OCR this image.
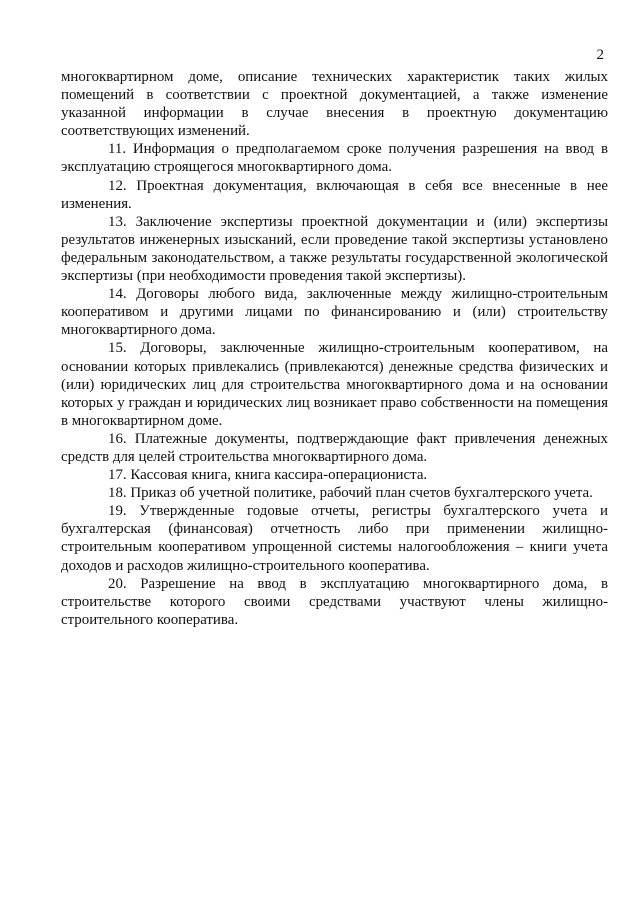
2

многоквартирном доме, описание технических характеристик таких жилых помещений в соответствии с проектной документацией, а также изменение указанной информации в случае внесения в проектную документацию соответствующих изменений.

11. Информация о предполагаемом сроке получения разрешения на ввод в эксплуатацию строящегося многоквартирного дома.

12. Проектная документация, включающая в себя все внесенные в нее изменения.

13. Заключение экспертизы проектной документации и (или) экспертизы результатов инженерных изысканий, если проведение такой экспертизы установлено федеральным законодательством, а также результаты государственной экологической экспертизы (при необходимости проведения такой экспертизы).

14. Договоры любого вида, заключенные между жилищно-строительным кооперативом и другими лицами по финансированию и (или) строительству многоквартирного дома.

15. Договоры, заключенные жилищно-строительным кооперативом, на основании которых привлекались (привлекаются) денежные средства физических и (или) юридических лиц для строительства многоквартирного дома и на основании которых у граждан и юридических лиц возникает право собственности на помещения в многоквартирном доме.

16. Платежные документы, подтверждающие факт привлечения денежных средств для целей строительства многоквартирного дома.

17. Кассовая книга, книга кассира-операциониста.

18. Приказ об учетной политике, рабочий план счетов бухгалтерского учета.

19. Утвержденные годовые отчеты, регистры бухгалтерского учета и бухгалтерская (финансовая) отчетность либо при применении жилищно-строительным кооперативом упрощенной системы налогообложения – книги учета доходов и расходов жилищно-строительного кооператива.

20. Разрешение на ввод в эксплуатацию многоквартирного дома, в строительстве которого своими средствами участвуют члены жилищно-строительного кооператива.
